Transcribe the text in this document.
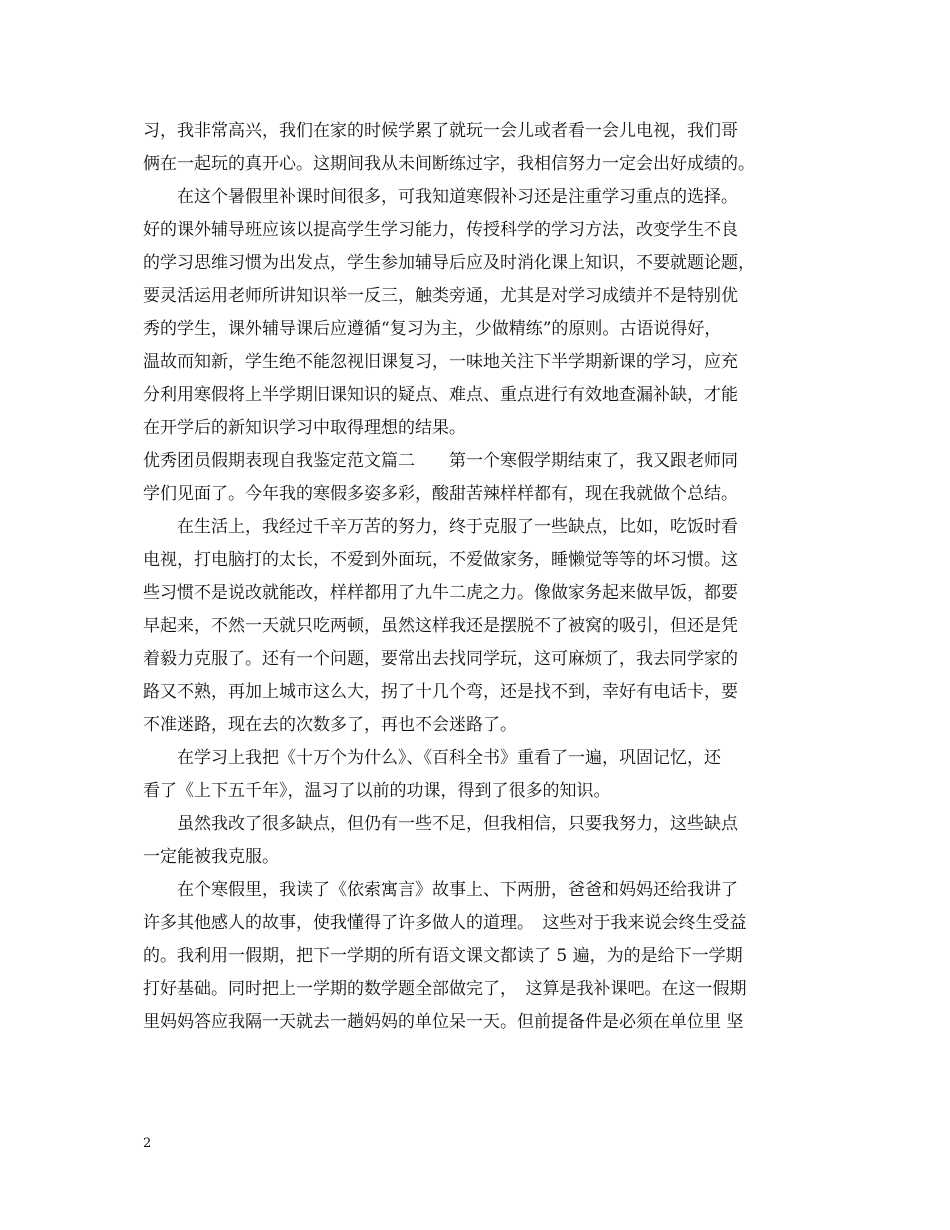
习，我非常高兴，我们在家的时候学累了就玩一会儿或者看一会儿电视，我们哥
俩在一起玩的真开心。这期间我从未间断练过字，我相信努力一定会出好成绩的。
　　在这个暑假里补课时间很多，可我知道寒假补习还是注重学习重点的选择。
好的课外辅导班应该以提高学生学习能力，传授科学的学习方法，改变学生不良
的学习思维习惯为出发点，学生参加辅导后应及时消化课上知识，不要就题论题，
要灵活运用老师所讲知识举一反三，触类旁通，尤其是对学习成绩并不是特别优
秀的学生，课外辅导课后应遵循“复习为主，少做精练”的原则。古语说得好，
温故而知新，学生绝不能忽视旧课复习，一味地关注下半学期新课的学习，应充
分利用寒假将上半学期旧课知识的疑点、难点、重点进行有效地查漏补缺，才能
在开学后的新知识学习中取得理想的结果。
优秀团员假期表现自我鉴定范文篇二　　第一个寒假学期结束了，我又跟老师同
学们见面了。今年我的寒假多姿多彩，酸甜苦辣样样都有，现在我就做个总结。
　　在生活上，我经过千辛万苦的努力，终于克服了一些缺点，比如，吃饭时看
电视，打电脑打的太长，不爱到外面玩，不爱做家务，睡懒觉等等的坏习惯。这
些习惯不是说改就能改，样样都用了九牛二虎之力。像做家务起来做早饭，都要
早起来，不然一天就只吃两顿，虽然这样我还是摆脱不了被窝的吸引，但还是凭
着毅力克服了。还有一个问题，要常出去找同学玩，这可麻烦了，我去同学家的
路又不熟，再加上城市这么大，拐了十几个弯，还是找不到，幸好有电话卡，要
不准迷路，现在去的次数多了，再也不会迷路了。
　　在学习上我把《十万个为什么》、《百科全书》重看了一遍，巩固记忆，还
看了《上下五千年》，温习了以前的功课，得到了很多的知识。
　　虽然我改了很多缺点，但仍有一些不足，但我相信，只要我努力，这些缺点
一定能被我克服。
　　在个寒假里，我读了《依索寓言》故事上、下两册，爸爸和妈妈还给我讲了
许多其他感人的故事，使我懂得了许多做人的道理。　这些对于我来说会终生受益
的。我利用一假期，把下一学期的所有语文课文都读了 5 遍，为的是给下一学期
打好基础。同时把上一学期的数学题全部做完了，　这算是我补课吧。在这一假期
里妈妈答应我隔一天就去一趟妈妈的单位呆一天。但前提备件是必须在单位里 坚
2
